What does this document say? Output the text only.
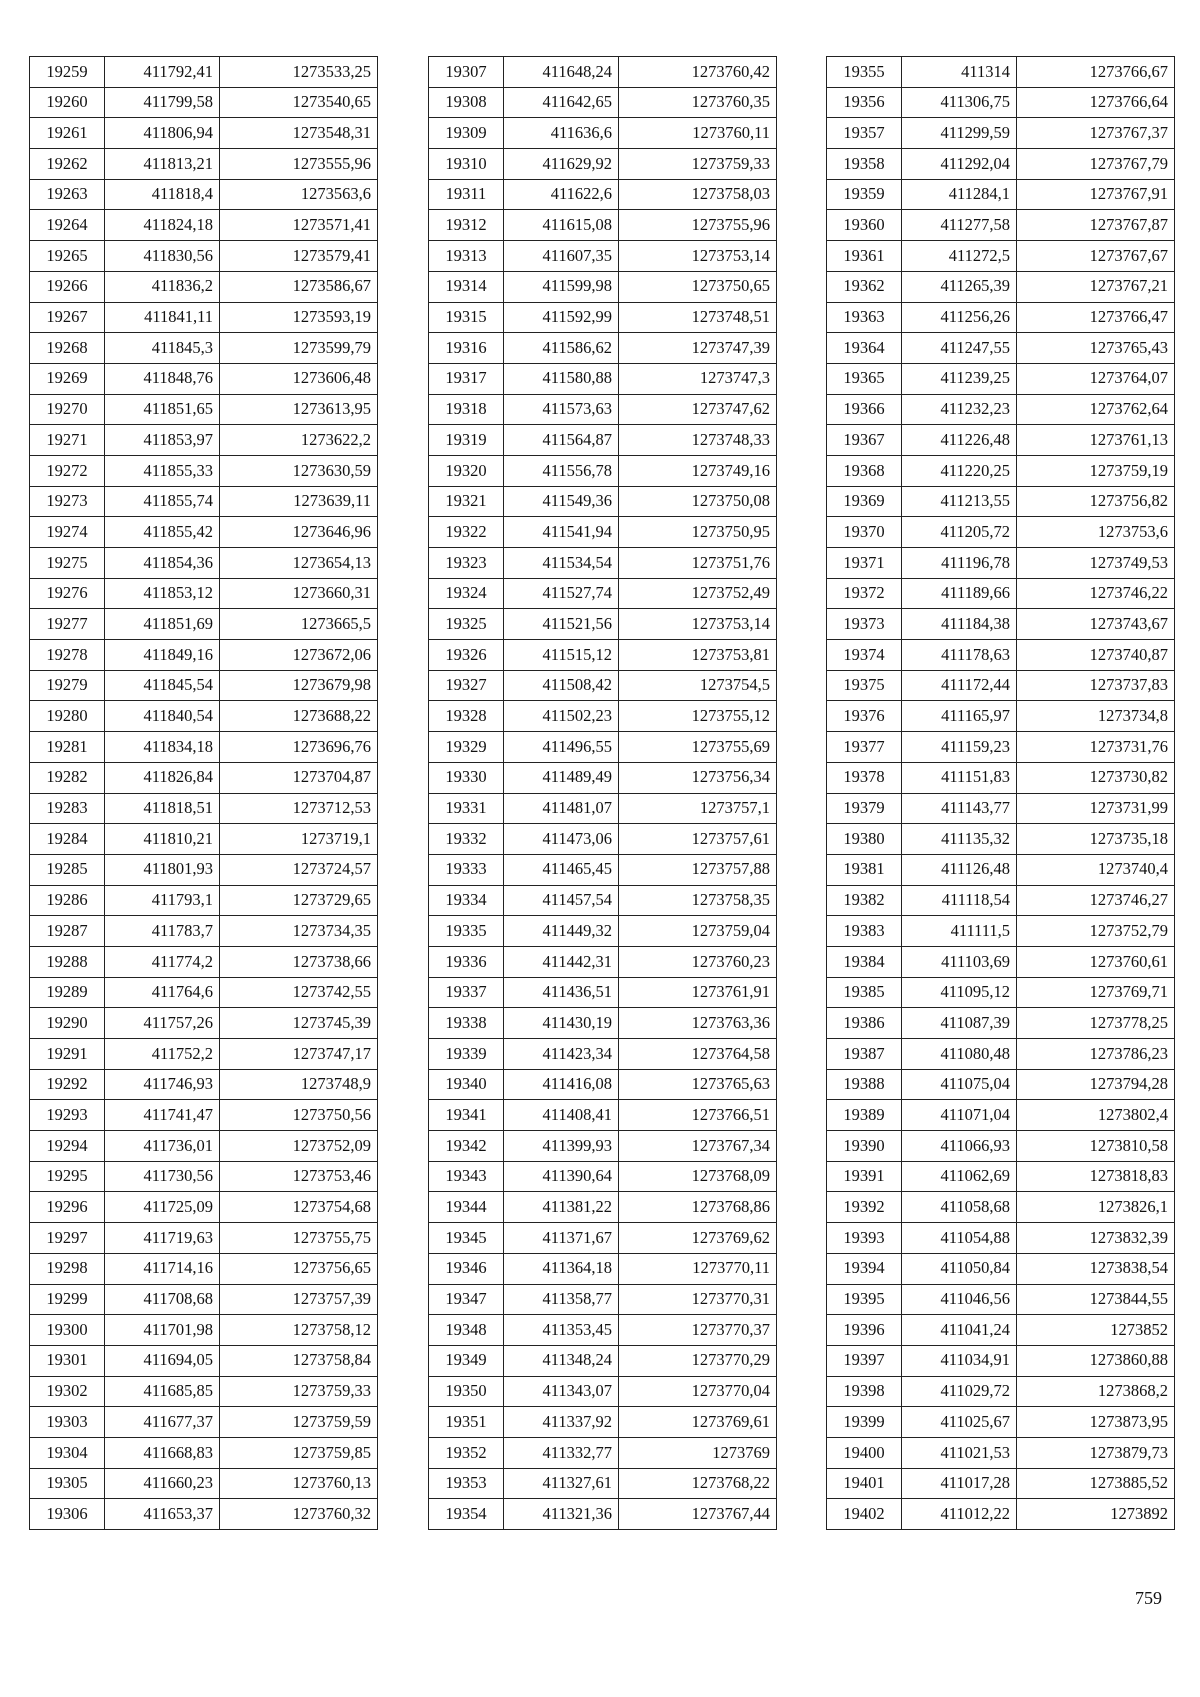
19259	411792,41	1273533,25
19260	411799,58	1273540,65
19261	411806,94	1273548,31
19262	411813,21	1273555,96
19263	411818,4	1273563,6
19264	411824,18	1273571,41
19265	411830,56	1273579,41
19266	411836,2	1273586,67
19267	411841,11	1273593,19
19268	411845,3	1273599,79
19269	411848,76	1273606,48
19270	411851,65	1273613,95
19271	411853,97	1273622,2
19272	411855,33	1273630,59
19273	411855,74	1273639,11
19274	411855,42	1273646,96
19275	411854,36	1273654,13
19276	411853,12	1273660,31
19277	411851,69	1273665,5
19278	411849,16	1273672,06
19279	411845,54	1273679,98
19280	411840,54	1273688,22
19281	411834,18	1273696,76
19282	411826,84	1273704,87
19283	411818,51	1273712,53
19284	411810,21	1273719,1
19285	411801,93	1273724,57
19286	411793,1	1273729,65
19287	411783,7	1273734,35
19288	411774,2	1273738,66
19289	411764,6	1273742,55
19290	411757,26	1273745,39
19291	411752,2	1273747,17
19292	411746,93	1273748,9
19293	411741,47	1273750,56
19294	411736,01	1273752,09
19295	411730,56	1273753,46
19296	411725,09	1273754,68
19297	411719,63	1273755,75
19298	411714,16	1273756,65
19299	411708,68	1273757,39
19300	411701,98	1273758,12
19301	411694,05	1273758,84
19302	411685,85	1273759,33
19303	411677,37	1273759,59
19304	411668,83	1273759,85
19305	411660,23	1273760,13
19306	411653,37	1273760,32
19307	411648,24	1273760,42
19308	411642,65	1273760,35
19309	411636,6	1273760,11
19310	411629,92	1273759,33
19311	411622,6	1273758,03
19312	411615,08	1273755,96
19313	411607,35	1273753,14
19314	411599,98	1273750,65
19315	411592,99	1273748,51
19316	411586,62	1273747,39
19317	411580,88	1273747,3
19318	411573,63	1273747,62
19319	411564,87	1273748,33
19320	411556,78	1273749,16
19321	411549,36	1273750,08
19322	411541,94	1273750,95
19323	411534,54	1273751,76
19324	411527,74	1273752,49
19325	411521,56	1273753,14
19326	411515,12	1273753,81
19327	411508,42	1273754,5
19328	411502,23	1273755,12
19329	411496,55	1273755,69
19330	411489,49	1273756,34
19331	411481,07	1273757,1
19332	411473,06	1273757,61
19333	411465,45	1273757,88
19334	411457,54	1273758,35
19335	411449,32	1273759,04
19336	411442,31	1273760,23
19337	411436,51	1273761,91
19338	411430,19	1273763,36
19339	411423,34	1273764,58
19340	411416,08	1273765,63
19341	411408,41	1273766,51
19342	411399,93	1273767,34
19343	411390,64	1273768,09
19344	411381,22	1273768,86
19345	411371,67	1273769,62
19346	411364,18	1273770,11
19347	411358,77	1273770,31
19348	411353,45	1273770,37
19349	411348,24	1273770,29
19350	411343,07	1273770,04
19351	411337,92	1273769,61
19352	411332,77	1273769
19353	411327,61	1273768,22
19354	411321,36	1273767,44
19355	411314	1273766,67
19356	411306,75	1273766,64
19357	411299,59	1273767,37
19358	411292,04	1273767,79
19359	411284,1	1273767,91
19360	411277,58	1273767,87
19361	411272,5	1273767,67
19362	411265,39	1273767,21
19363	411256,26	1273766,47
19364	411247,55	1273765,43
19365	411239,25	1273764,07
19366	411232,23	1273762,64
19367	411226,48	1273761,13
19368	411220,25	1273759,19
19369	411213,55	1273756,82
19370	411205,72	1273753,6
19371	411196,78	1273749,53
19372	411189,66	1273746,22
19373	411184,38	1273743,67
19374	411178,63	1273740,87
19375	411172,44	1273737,83
19376	411165,97	1273734,8
19377	411159,23	1273731,76
19378	411151,83	1273730,82
19379	411143,77	1273731,99
19380	411135,32	1273735,18
19381	411126,48	1273740,4
19382	411118,54	1273746,27
19383	411111,5	1273752,79
19384	411103,69	1273760,61
19385	411095,12	1273769,71
19386	411087,39	1273778,25
19387	411080,48	1273786,23
19388	411075,04	1273794,28
19389	411071,04	1273802,4
19390	411066,93	1273810,58
19391	411062,69	1273818,83
19392	411058,68	1273826,1
19393	411054,88	1273832,39
19394	411050,84	1273838,54
19395	411046,56	1273844,55
19396	411041,24	1273852
19397	411034,91	1273860,88
19398	411029,72	1273868,2
19399	411025,67	1273873,95
19400	411021,53	1273879,73
19401	411017,28	1273885,52
19402	411012,22	1273892
759
